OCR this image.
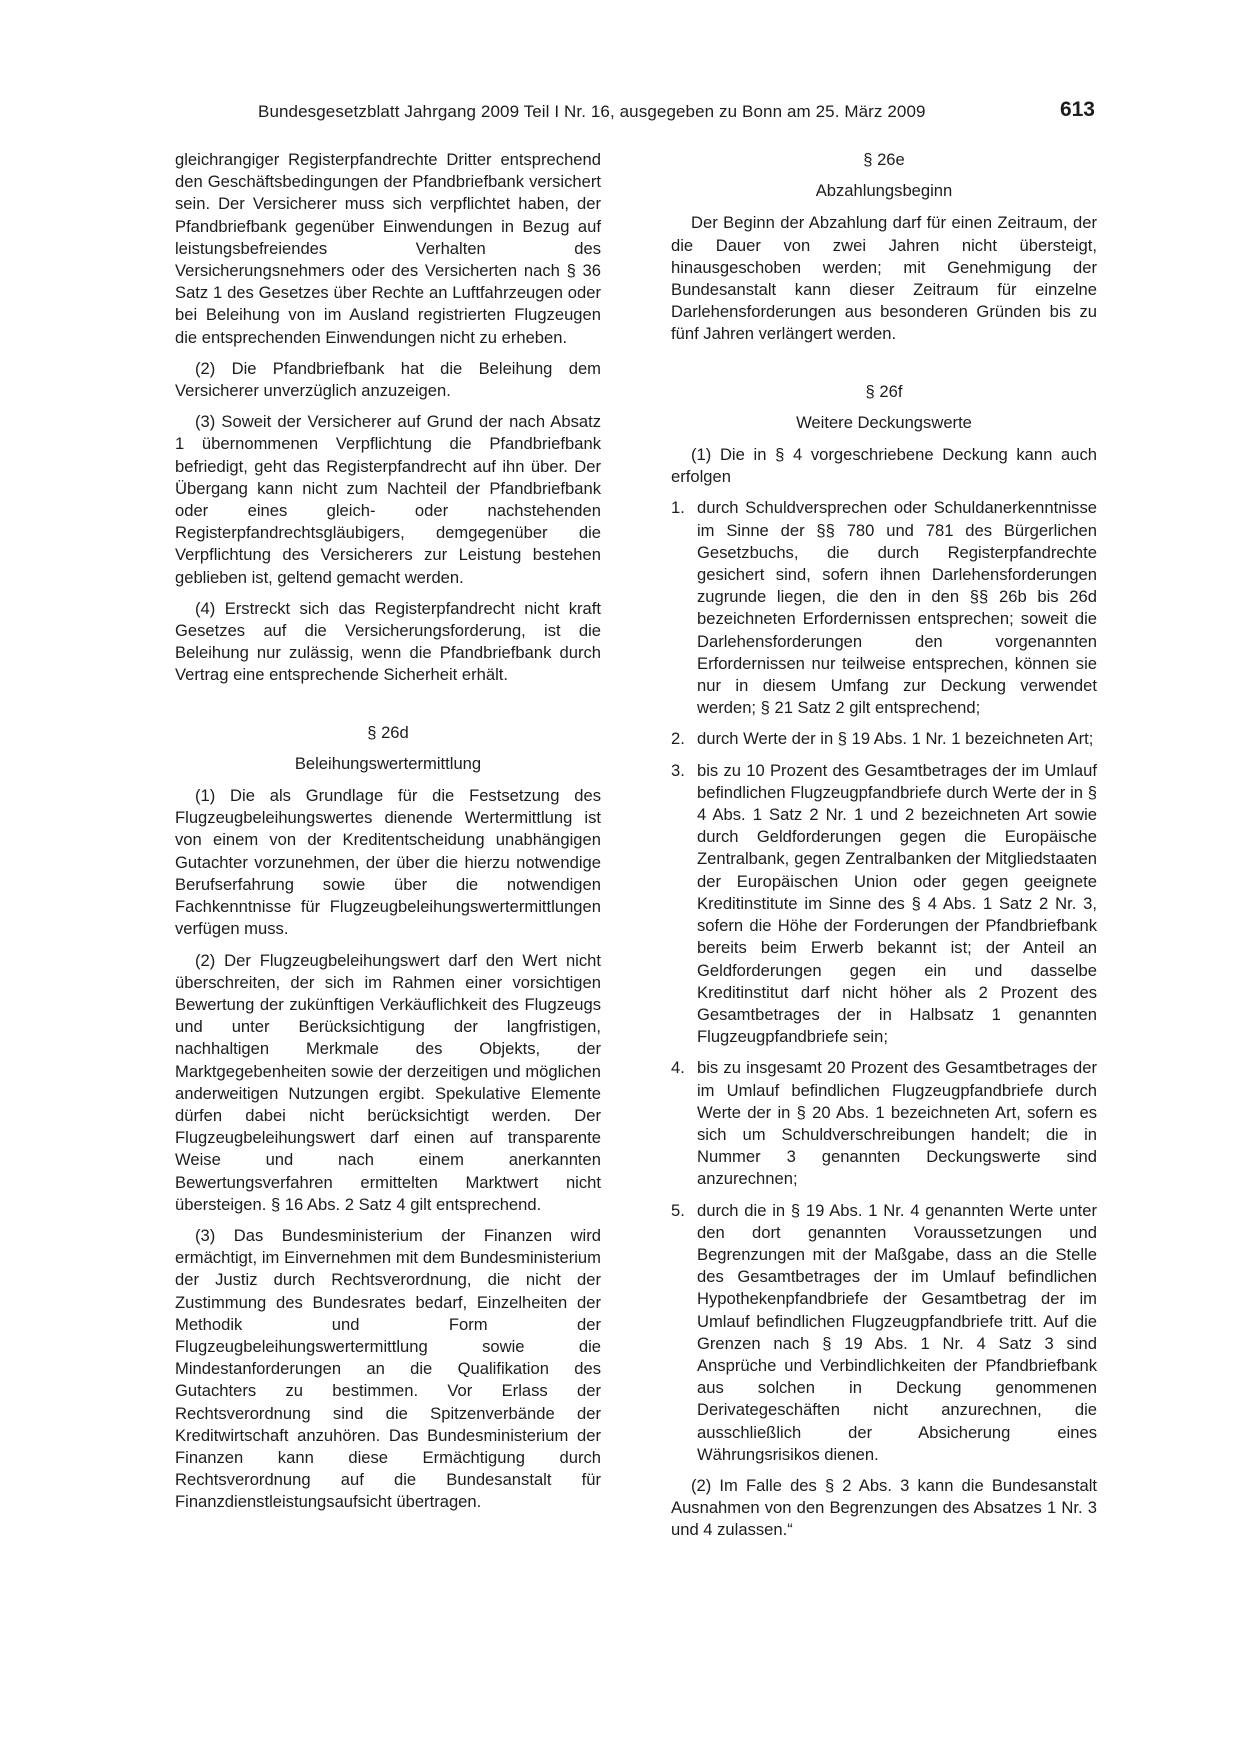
Bundesgesetzblatt Jahrgang 2009 Teil I Nr. 16, ausgegeben zu Bonn am 25. März 2009	613

gleichrangiger Registerpfandrechte Dritter entsprechend den Geschäftsbedingungen der Pfandbriefbank versichert sein. Der Versicherer muss sich verpflichtet haben, der Pfandbriefbank gegenüber Einwendungen in Bezug auf leistungsbefreiendes Verhalten des Versicherungsnehmers oder des Versicherten nach § 36 Satz 1 des Gesetzes über Rechte an Luftfahrzeugen oder bei Beleihung von im Ausland registrierten Flugzeugen die entsprechenden Einwendungen nicht zu erheben.

(2) Die Pfandbriefbank hat die Beleihung dem Versicherer unverzüglich anzuzeigen.

(3) Soweit der Versicherer auf Grund der nach Absatz 1 übernommenen Verpflichtung die Pfandbriefbank befriedigt, geht das Registerpfandrecht auf ihn über. Der Übergang kann nicht zum Nachteil der Pfandbriefbank oder eines gleich- oder nachstehenden Registerpfandrechtsgläubigers, demgegenüber die Verpflichtung des Versicherers zur Leistung bestehen geblieben ist, geltend gemacht werden.

(4) Erstreckt sich das Registerpfandrecht nicht kraft Gesetzes auf die Versicherungsforderung, ist die Beleihung nur zulässig, wenn die Pfandbriefbank durch Vertrag eine entsprechende Sicherheit erhält.

§ 26d
Beleihungswertermittlung

(1) Die als Grundlage für die Festsetzung des Flugzeugbeleihungswertes dienende Wertermittlung ist von einem von der Kreditentscheidung unabhängigen Gutachter vorzunehmen, der über die hierzu notwendige Berufserfahrung sowie über die notwendigen Fachkenntnisse für Flugzeugbeleihungswertermittlungen verfügen muss.

(2) Der Flugzeugbeleihungswert darf den Wert nicht überschreiten, der sich im Rahmen einer vorsichtigen Bewertung der zukünftigen Verkäuflichkeit des Flugzeugs und unter Berücksichtigung der langfristigen, nachhaltigen Merkmale des Objekts, der Marktgegebenheiten sowie der derzeitigen und möglichen anderweitigen Nutzungen ergibt. Spekulative Elemente dürfen dabei nicht berücksichtigt werden. Der Flugzeugbeleihungswert darf einen auf transparente Weise und nach einem anerkannten Bewertungsverfahren ermittelten Marktwert nicht übersteigen. § 16 Abs. 2 Satz 4 gilt entsprechend.

(3) Das Bundesministerium der Finanzen wird ermächtigt, im Einvernehmen mit dem Bundesministerium der Justiz durch Rechtsverordnung, die nicht der Zustimmung des Bundesrates bedarf, Einzelheiten der Methodik und Form der Flugzeugbeleihungswertermittlung sowie die Mindestanforderungen an die Qualifikation des Gutachters zu bestimmen. Vor Erlass der Rechtsverordnung sind die Spitzenverbände der Kreditwirtschaft anzuhören. Das Bundesministerium der Finanzen kann diese Ermächtigung durch Rechtsverordnung auf die Bundesanstalt für Finanzdienstleistungsaufsicht übertragen.

§ 26e
Abzahlungsbeginn

Der Beginn der Abzahlung darf für einen Zeitraum, der die Dauer von zwei Jahren nicht übersteigt, hinausgeschoben werden; mit Genehmigung der Bundesanstalt kann dieser Zeitraum für einzelne Darlehensforderungen aus besonderen Gründen bis zu fünf Jahren verlängert werden.

§ 26f
Weitere Deckungswerte

(1) Die in § 4 vorgeschriebene Deckung kann auch erfolgen

1. durch Schuldversprechen oder Schuldanerkenntnisse im Sinne der §§ 780 und 781 des Bürgerlichen Gesetzbuchs, die durch Registerpfandrechte gesichert sind, sofern ihnen Darlehensforderungen zugrunde liegen, die den in den §§ 26b bis 26d bezeichneten Erfordernissen entsprechen; soweit die Darlehensforderungen den vorgenannten Erfordernissen nur teilweise entsprechen, können sie nur in diesem Umfang zur Deckung verwendet werden; § 21 Satz 2 gilt entsprechend;
2. durch Werte der in § 19 Abs. 1 Nr. 1 bezeichneten Art;
3. bis zu 10 Prozent des Gesamtbetrages der im Umlauf befindlichen Flugzeugpfandbriefe durch Werte der in § 4 Abs. 1 Satz 2 Nr. 1 und 2 bezeichneten Art sowie durch Geldforderungen gegen die Europäische Zentralbank, gegen Zentralbanken der Mitgliedstaaten der Europäischen Union oder gegen geeignete Kreditinstitute im Sinne des § 4 Abs. 1 Satz 2 Nr. 3, sofern die Höhe der Forderungen der Pfandbriefbank bereits beim Erwerb bekannt ist; der Anteil an Geldforderungen gegen ein und dasselbe Kreditinstitut darf nicht höher als 2 Prozent des Gesamtbetrages der in Halbsatz 1 genannten Flugzeugpfandbriefe sein;
4. bis zu insgesamt 20 Prozent des Gesamtbetrages der im Umlauf befindlichen Flugzeugpfandbriefe durch Werte der in § 20 Abs. 1 bezeichneten Art, sofern es sich um Schuldverschreibungen handelt; die in Nummer 3 genannten Deckungswerte sind anzurechnen;
5. durch die in § 19 Abs. 1 Nr. 4 genannten Werte unter den dort genannten Voraussetzungen und Begrenzungen mit der Maßgabe, dass an die Stelle des Gesamtbetrages der im Umlauf befindlichen Hypothekenpfandbriefe der Gesamtbetrag der im Umlauf befindlichen Flugzeugpfandbriefe tritt. Auf die Grenzen nach § 19 Abs. 1 Nr. 4 Satz 3 sind Ansprüche und Verbindlichkeiten der Pfandbriefbank aus solchen in Deckung genommenen Derivategeschäften nicht anzurechnen, die ausschließlich der Absicherung eines Währungsrisikos dienen.

(2) Im Falle des § 2 Abs. 3 kann die Bundesanstalt Ausnahmen von den Begrenzungen des Absatzes 1 Nr. 3 und 4 zulassen.“
